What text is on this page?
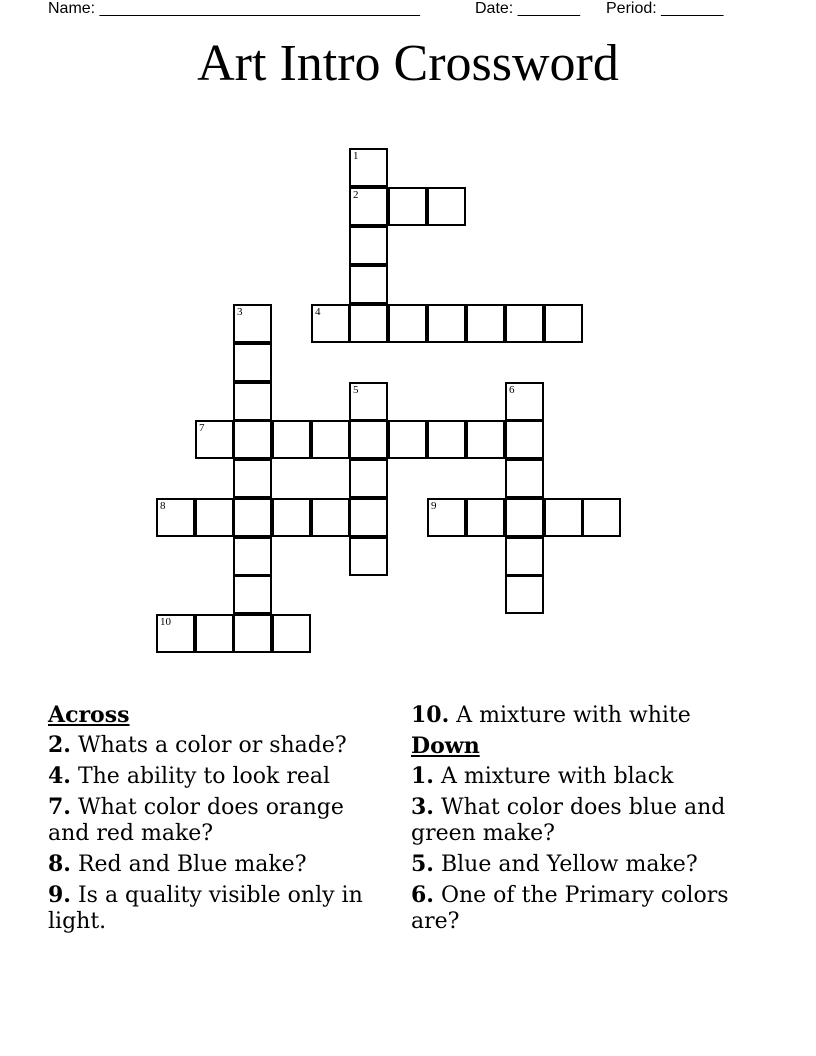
Name: ____________________________________	Date: _______ Period: _______
Art Intro Crossword
1
2
4
3
5	6
7
8	9
10
Across
2. Whats a color or shade?
4. The ability to look real
7. What color does orange and red make?
8. Red and Blue make?
9. Is a quality visible only in light.
10. A mixture with white
Down
1. A mixture with black
3. What color does blue and green make?
5. Blue and Yellow make?
6. One of the Primary colors are?
